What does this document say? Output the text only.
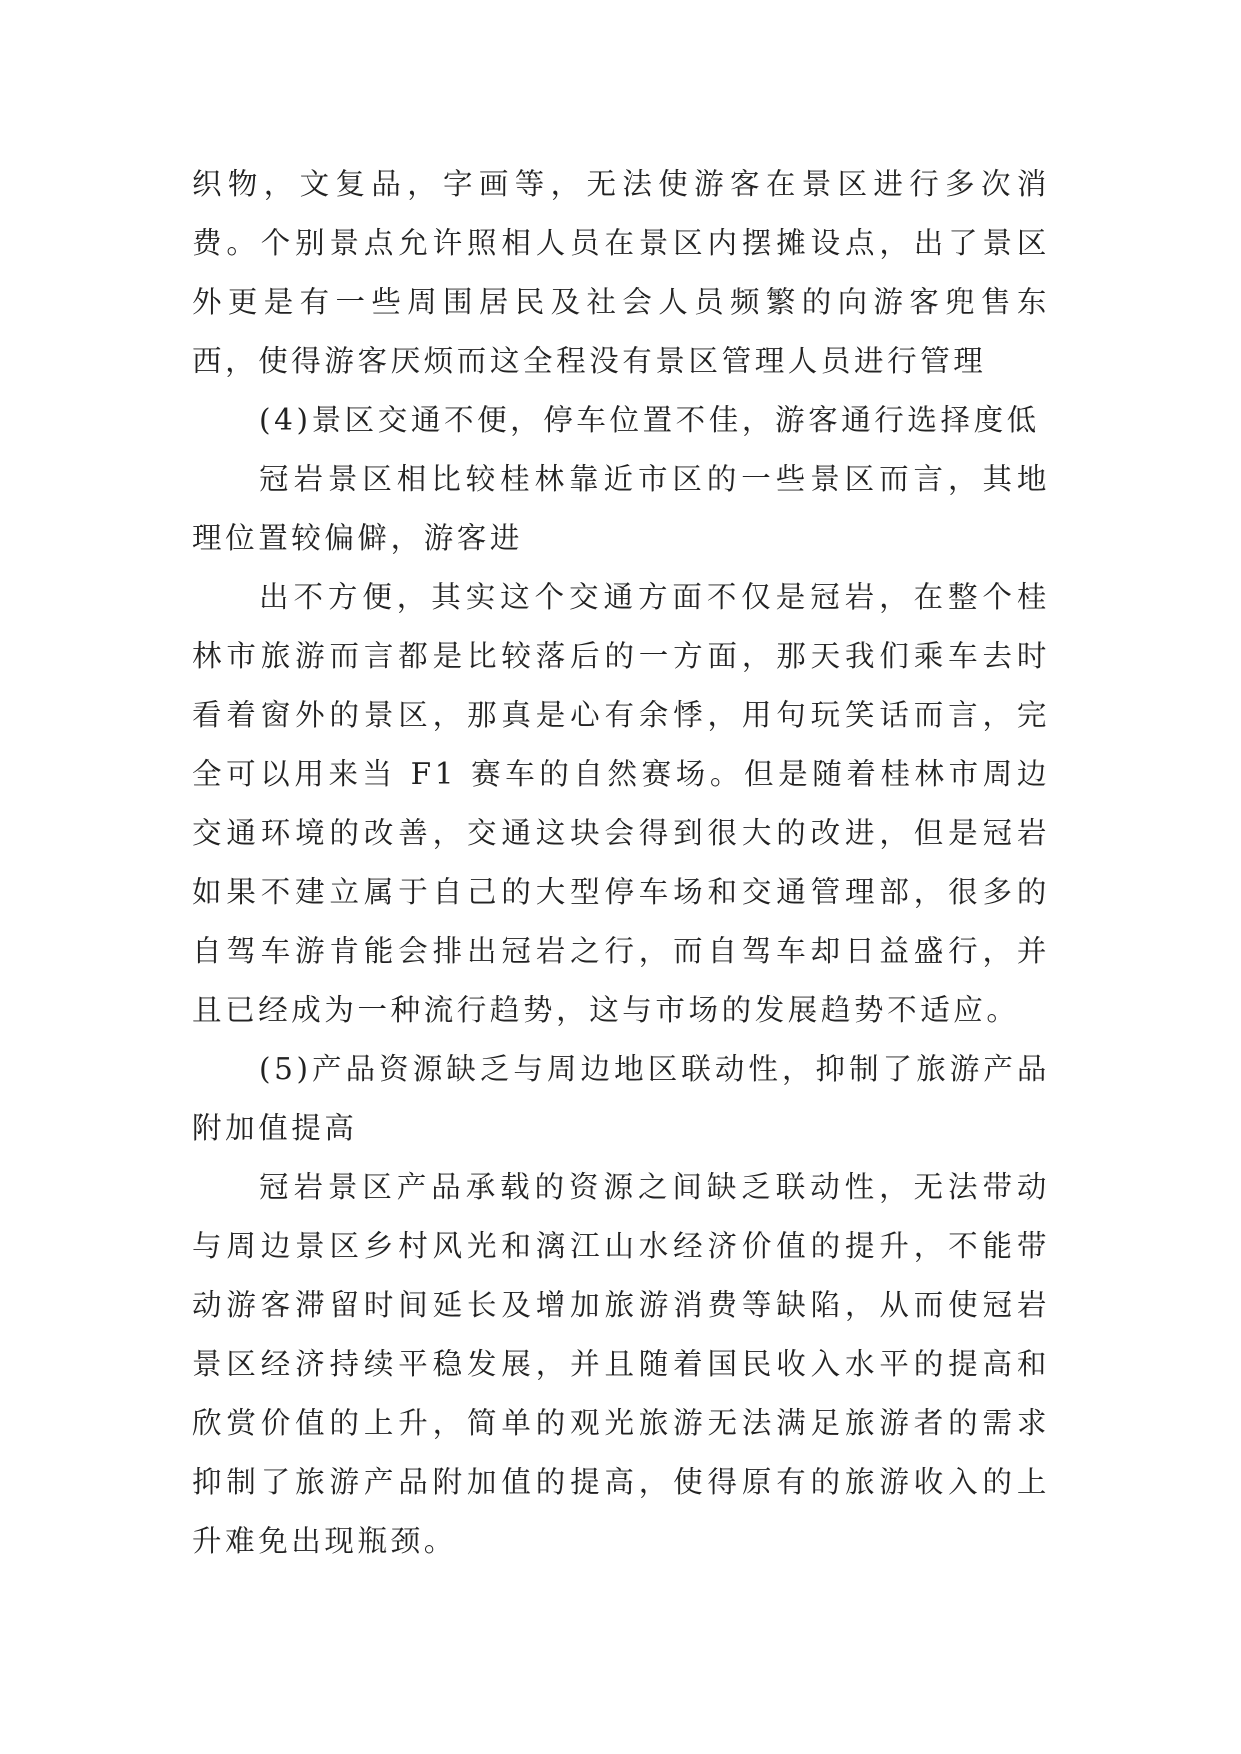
织物，文复品，字画等，无法使游客在景区进行多次消费。个别景点允许照相人员在景区内摆摊设点，出了景区外更是有一些周围居民及社会人员频繁的向游客兜售东西，使得游客厌烦而这全程没有景区管理人员进行管理

(4)景区交通不便，停车位置不佳，游客通行选择度低

冠岩景区相比较桂林靠近市区的一些景区而言，其地理位置较偏僻，游客进

出不方便，其实这个交通方面不仅是冠岩，在整个桂林市旅游而言都是比较落后的一方面，那天我们乘车去时看着窗外的景区，那真是心有余悸，用句玩笑话而言，完全可以用来当 F1 赛车的自然赛场。但是随着桂林市周边交通环境的改善，交通这块会得到很大的改进，但是冠岩如果不建立属于自己的大型停车场和交通管理部，很多的自驾车游肯能会排出冠岩之行，而自驾车却日益盛行，并且已经成为一种流行趋势，这与市场的发展趋势不适应。

(5)产品资源缺乏与周边地区联动性，抑制了旅游产品附加值提高

冠岩景区产品承载的资源之间缺乏联动性，无法带动与周边景区乡村风光和漓江山水经济价值的提升，不能带动游客滞留时间延长及增加旅游消费等缺陷，从而使冠岩景区经济持续平稳发展，并且随着国民收入水平的提高和欣赏价值的上升，简单的观光旅游无法满足旅游者的需求抑制了旅游产品附加值的提高，使得原有的旅游收入的上升难免出现瓶颈。
